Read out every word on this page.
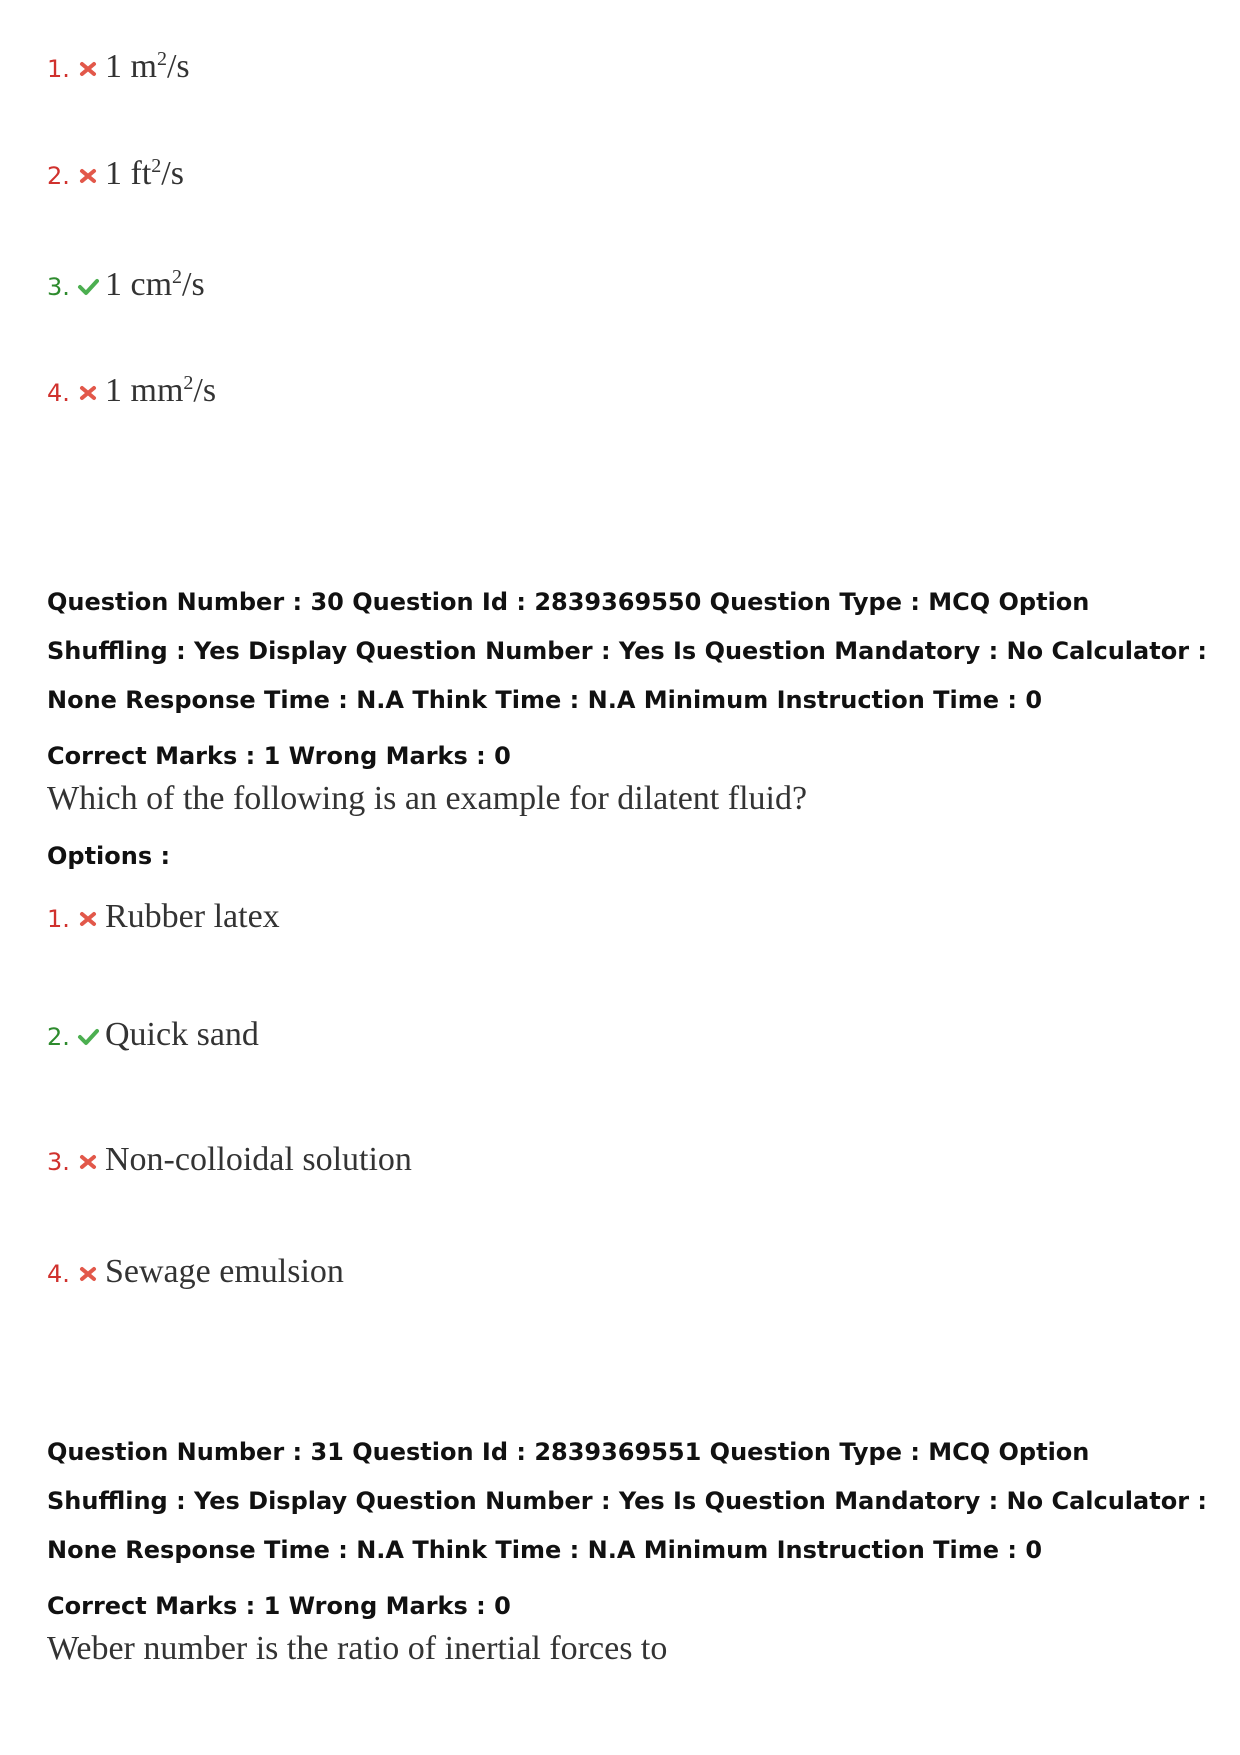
1. 1 $m^2/s$
2. 1 $ft^2/s$
3. 1 $cm^2/s$
4. 1 $mm^2/s$
Question Number : 30 Question Id : 2839369550 Question Type : MCQ Option Shuffling : Yes Display Question Number : Yes Is Question Mandatory : No Calculator : None Response Time : N.A Think Time : N.A Minimum Instruction Time : 0
Correct Marks : 1 Wrong Marks : 0
Which of the following is an example for dilatent fluid?
Options :
1. Rubber latex
2. Quick sand
3. Non-colloidal solution
4. Sewage emulsion
Question Number : 31 Question Id : 2839369551 Question Type : MCQ Option Shuffling : Yes Display Question Number : Yes Is Question Mandatory : No Calculator : None Response Time : N.A Think Time : N.A Minimum Instruction Time : 0
Correct Marks : 1 Wrong Marks : 0
Weber number is the ratio of inertial forces to
